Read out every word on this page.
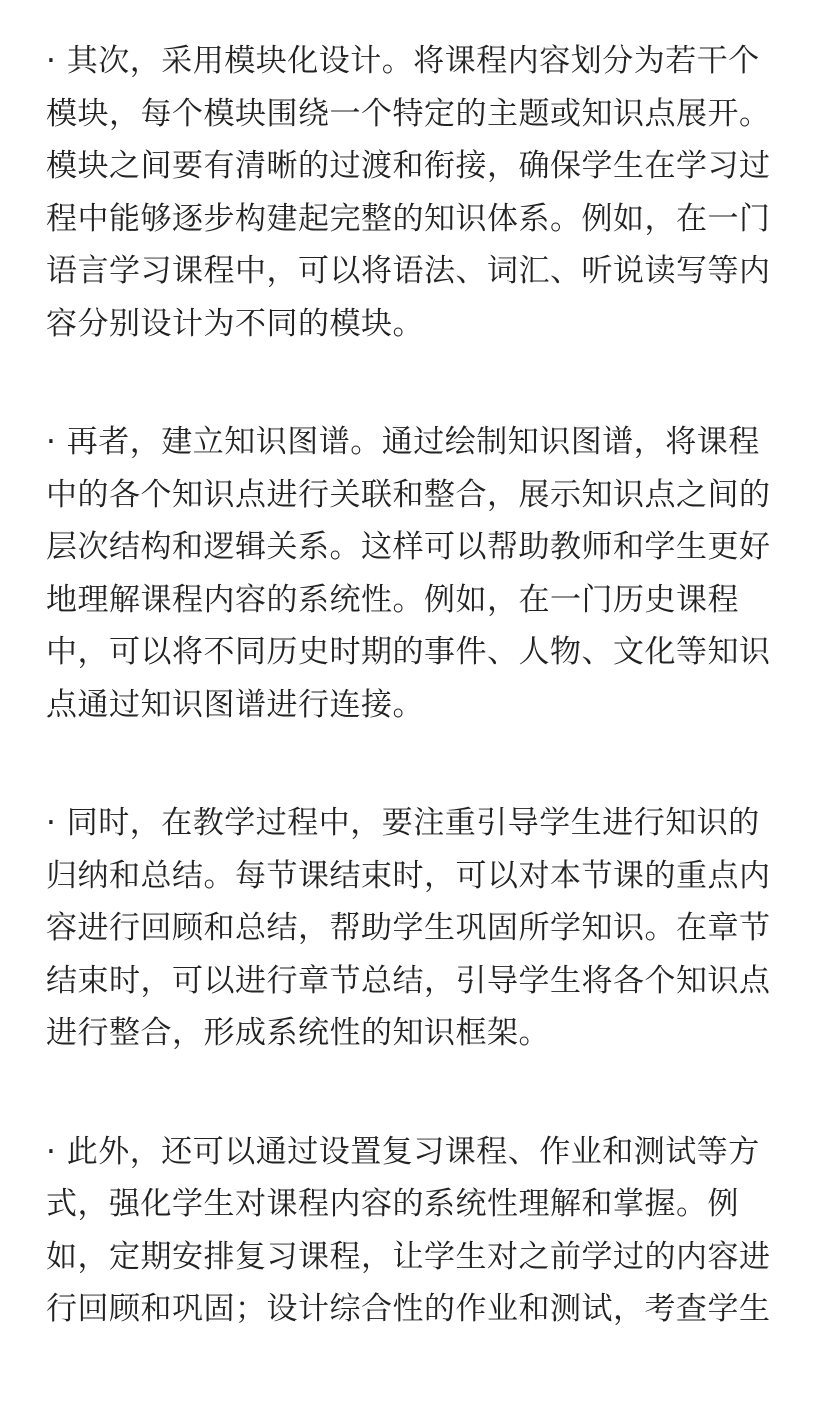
· 其次，采用模块化设计。将课程内容划分为若干个
模块，每个模块围绕一个特定的主题或知识点展开。
模块之间要有清晰的过渡和衔接，确保学生在学习过
程中能够逐步构建起完整的知识体系。例如，在一门
语言学习课程中，可以将语法、词汇、听说读写等内
容分别设计为不同的模块。
· 再者，建立知识图谱。通过绘制知识图谱，将课程
中的各个知识点进行关联和整合，展示知识点之间的
层次结构和逻辑关系。这样可以帮助教师和学生更好
地理解课程内容的系统性。例如，在一门历史课程
中，可以将不同历史时期的事件、人物、文化等知识
点通过知识图谱进行连接。
· 同时，在教学过程中，要注重引导学生进行知识的
归纳和总结。每节课结束时，可以对本节课的重点内
容进行回顾和总结，帮助学生巩固所学知识。在章节
结束时，可以进行章节总结，引导学生将各个知识点
进行整合，形成系统性的知识框架。
· 此外，还可以通过设置复习课程、作业和测试等方
式，强化学生对课程内容的系统性理解和掌握。例
如，定期安排复习课程，让学生对之前学过的内容进
行回顾和巩固；设计综合性的作业和测试，考查学生
